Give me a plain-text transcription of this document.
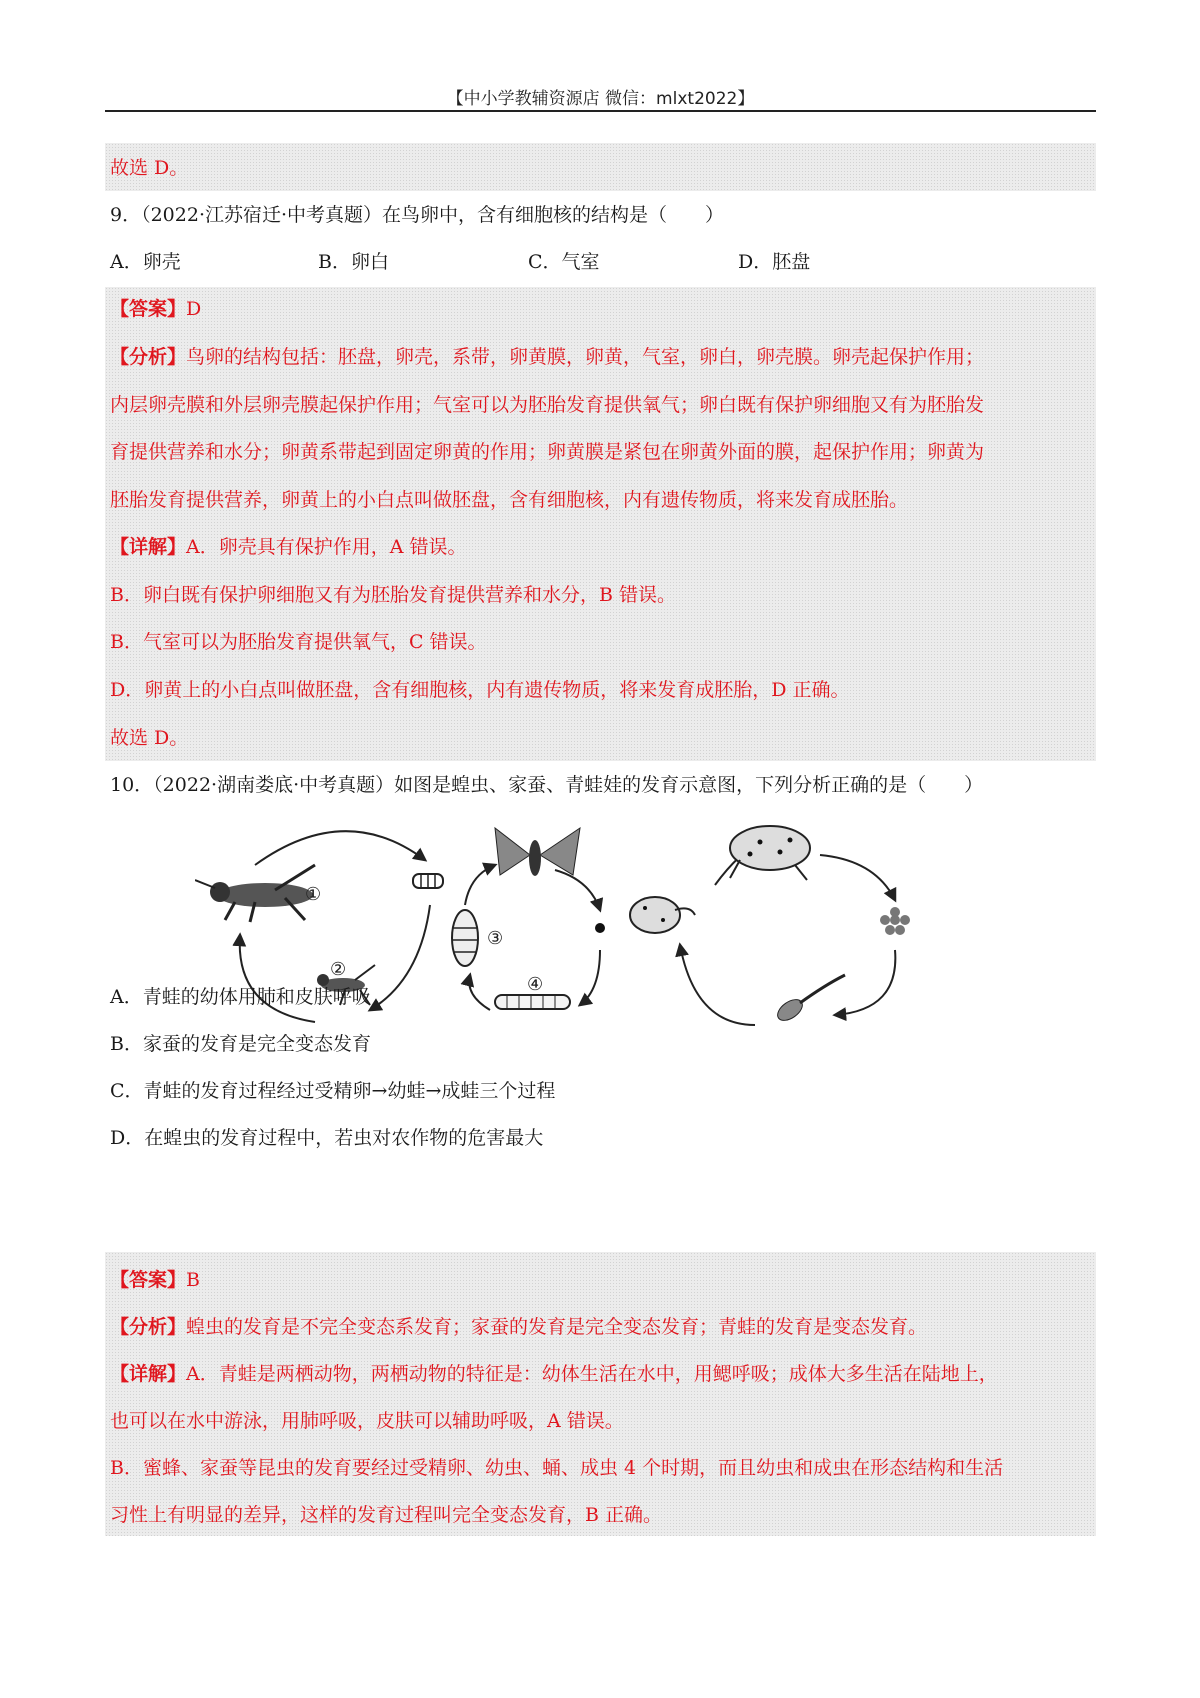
【中小学教辅资源店 微信：mlxt2022】
故选 D。
9．（2022·江苏宿迁·中考真题）在鸟卵中，含有细胞核的结构是（　　）
A．卵壳	B．卵白	C．气室	D．胚盘
【答案】D
【分析】鸟卵的结构包括：胚盘，卵壳，系带，卵黄膜，卵黄，气室，卵白，卵壳膜。卵壳起保护作用；
内层卵壳膜和外层卵壳膜起保护作用；气室可以为胚胎发育提供氧气；卵白既有保护卵细胞又有为胚胎发
育提供营养和水分；卵黄系带起到固定卵黄的作用；卵黄膜是紧包在卵黄外面的膜，起保护作用；卵黄为
胚胎发育提供营养，卵黄上的小白点叫做胚盘，含有细胞核，内有遗传物质，将来发育成胚胎。
【详解】A．卵壳具有保护作用，A 错误。
B．卵白既有保护卵细胞又有为胚胎发育提供营养和水分，B 错误。
B．气室可以为胚胎发育提供氧气，C 错误。
D．卵黄上的小白点叫做胚盘，含有细胞核，内有遗传物质，将来发育成胚胎，D 正确。
故选 D。
10．（2022·湖南娄底·中考真题）如图是蝗虫、家蚕、青蛙娃的发育示意图，下列分析正确的是（　　）
①
②
③
④
A．青蛙的幼体用肺和皮肤呼吸
B．家蚕的发育是完全变态发育
C．青蛙的发育过程经过受精卵→幼蛙→成蛙三个过程
D．在蝗虫的发育过程中，若虫对农作物的危害最大
【答案】B
【分析】蝗虫的发育是不完全变态系发育；家蚕的发育是完全变态发育；青蛙的发育是变态发育。
【详解】A．青蛙是两栖动物，两栖动物的特征是：幼体生活在水中，用鳃呼吸；成体大多生活在陆地上，
也可以在水中游泳，用肺呼吸，皮肤可以辅助呼吸，A 错误。
B．蜜蜂、家蚕等昆虫的发育要经过受精卵、幼虫、蛹、成虫 4 个时期，而且幼虫和成虫在形态结构和生活
习性上有明显的差异，这样的发育过程叫完全变态发育，B 正确。
